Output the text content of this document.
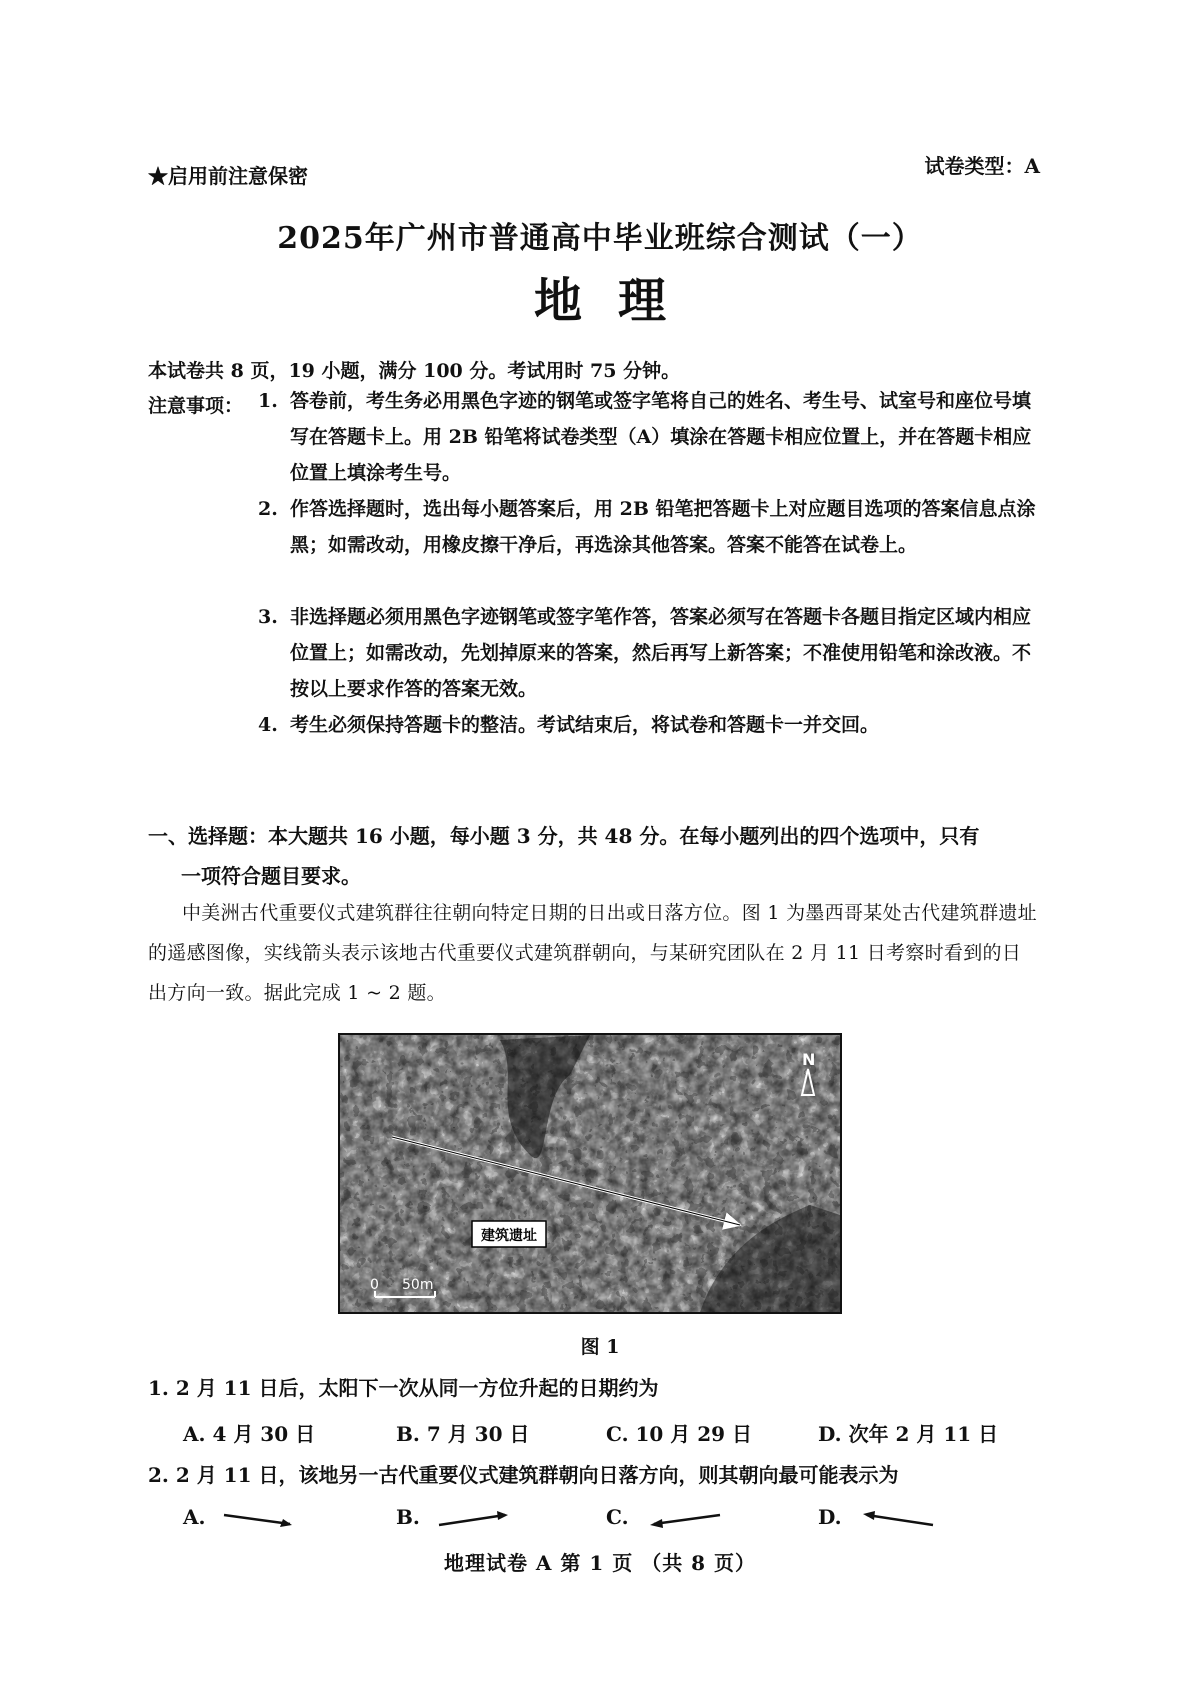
★启用前注意保密	试卷类型：A
2025年广州市普通高中毕业班综合测试（一）
地理
本试卷共 8 页，19 小题，满分 100 分。考试用时 75 分钟。
注意事项： 1. 答卷前，考生务必用黑色字迹的钢笔或签字笔将自己的姓名、考生号、试室号和座位号填写在答题卡上。用 2B 铅笔将试卷类型（A）填涂在答题卡相应位置上，并在答题卡相应位置上填涂考生号。
2. 作答选择题时，选出每小题答案后，用 2B 铅笔把答题卡上对应题目选项的答案信息点涂黑；如需改动，用橡皮擦干净后，再选涂其他答案。答案不能答在试卷上。
3. 非选择题必须用黑色字迹钢笔或签字笔作答，答案必须写在答题卡各题目指定区域内相应位置上；如需改动，先划掉原来的答案，然后再写上新答案；不准使用铅笔和涂改液。不按以上要求作答的答案无效。
4. 考生必须保持答题卡的整洁。考试结束后，将试卷和答题卡一并交回。
一、选择题：本大题共 16 小题，每小题 3 分，共 48 分。在每小题列出的四个选项中，只有
一项符合题目要求。
中美洲古代重要仪式建筑群往往朝向特定日期的日出或日落方位。图 1 为墨西哥某处古代建筑群遗址的遥感图像，实线箭头表示该地古代重要仪式建筑群朝向，与某研究团队在 2 月 11 日考察时看到的日出方向一致。据此完成 1 ~ 2 题。
建筑遗址
N
0 50m
图 1
1. 2 月 11 日后，太阳下一次从同一方位升起的日期约为
A. 4 月 30 日	B. 7 月 30 日	C. 10 月 29 日	D. 次年 2 月 11 日
2. 2 月 11 日，该地另一古代重要仪式建筑群朝向日落方向，则其朝向最可能表示为
A.	B.	C.	D.
地理试卷 A 第 1 页 （共 8 页）
